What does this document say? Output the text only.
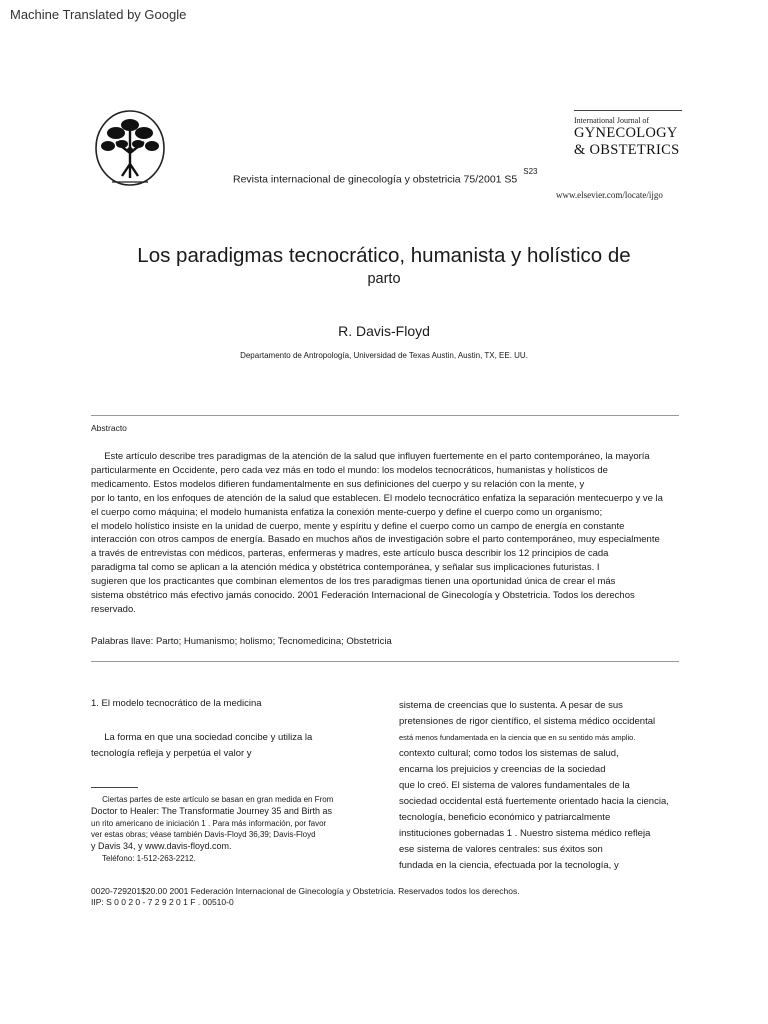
Machine Translated by Google
Revista internacional de ginecología y obstetricia 75/2001 $S5^{S23}$
International Journal of
GYNECOLOGY
& OBSTETRICS
www.elsevier.com/locate/ijgo
Los paradigmas tecnocrático, humanista y holístico de
parto
R. Davis-Floyd
Departamento de Antropología, Universidad de Texas Austin, Austin, TX, EE. UU.
Abstracto
Este artículo describe tres paradigmas de la atención de la salud que influyen fuertemente en el parto contemporáneo, la mayoría
particularmente en Occidente, pero cada vez más en todo el mundo: los modelos tecnocráticos, humanistas y holísticos de
medicamento. Estos modelos difieren fundamentalmente en sus definiciones del cuerpo y su relación con la mente, y
por lo tanto, en los enfoques de atención de la salud que establecen. El modelo tecnocrático enfatiza la separación mentecuerpo y ve la
el cuerpo como máquina; el modelo humanista enfatiza la conexión mente-cuerpo y define el cuerpo como un organismo;
el modelo holístico insiste en la unidad de cuerpo, mente y espíritu y define el cuerpo como un campo de energía en constante
interacción con otros campos de energía. Basado en muchos años de investigación sobre el parto contemporáneo, muy especialmente
a través de entrevistas con médicos, parteras, enfermeras y madres, este artículo busca describir los 12 principios de cada
paradigma tal como se aplican a la atención médica y obstétrica contemporánea, y señalar sus implicaciones futuristas. I
sugieren que los practicantes que combinan elementos de los tres paradigmas tienen una oportunidad única de crear el más
sistema obstétrico más efectivo jamás conocido. 2001 Federación Internacional de Ginecología y Obstetricia. Todos los derechos
reservado.
Palabras llave: Parto; Humanismo; holismo; Tecnomedicina; Obstetricia
1. El modelo tecnocrático de la medicina
La forma en que una sociedad concibe y utiliza la
tecnología refleja y perpetúa el valor y
Ciertas partes de este artículo se basan en gran medida en From
Doctor to Healer: The Transformatie Journey 35 and Birth as
un rito americano de iniciación 1 . Para más información, por favor
ver estas obras; véase también Davis-Floyd 36,39; Davis-Floyd
y Davis 34, y www.davis-floyd.com.
Teléfono: 1-512-263-2212.
sistema de creencias que lo sustenta. A pesar de sus
pretensiones de rigor científico, el sistema médico occidental
está menos fundamentada en la ciencia que en su sentido más amplio.
contexto cultural; como todos los sistemas de salud,
encarna los prejuicios y creencias de la sociedad
que lo creó. El sistema de valores fundamentales de la
sociedad occidental está fuertemente orientado hacia la ciencia,
tecnología, beneficio económico y patriarcalmente
instituciones gobernadas 1 . Nuestro sistema médico refleja
ese sistema de valores centrales: sus éxitos son
fundada en la ciencia, efectuada por la tecnología, y
0020-729201$20.00 2001 Federación Internacional de Ginecología y Obstetricia. Reservados todos los derechos.
IIP: S 0 0 2 0 - 7 2 9 2 0 1 F . 00510-0
